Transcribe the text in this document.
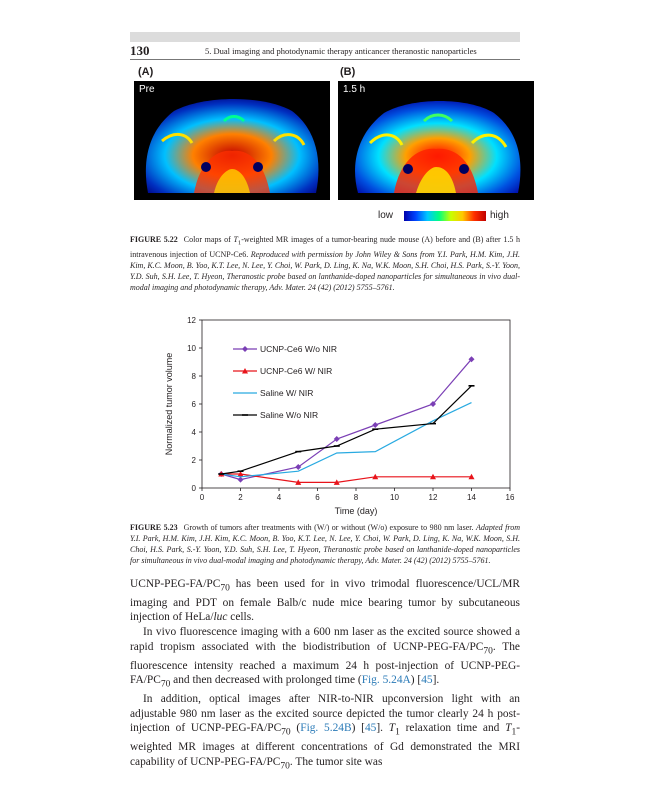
130	5. Dual imaging and photodynamic therapy anticancer theranostic nanoparticles
(A)	(B)
Pre	1.5 h
low	high
FIGURE 5.22 Color maps of $T_1$-weighted MR images of a tumor-bearing nude mouse (A) before and (B) after 1.5 h intravenous injection of UCNP-Ce6. Reproduced with permission by John Wiley & Sons from Y.I. Park, H.M. Kim, J.H. Kim, K.C. Moon, B. Yoo, K.T. Lee, N. Lee, Y. Choi, W. Park, D. Ling, K. Na, W.K. Moon, S.H. Choi, H.S. Park, S.-Y. Yoon, Y.D. Suh, S.H. Lee, T. Hyeon, Theranostic probe based on lanthanide-doped nanoparticles for simultaneous in vivo dual-modal imaging and photodynamic therapy, Adv. Mater. 24 (42) (2012) 5755–5761.
0	2	4	6	8	10	12	14	16
0
2
4
6
8
10
12
Time (day)
Normalized tumor volume
UCNP-Ce6 W/o NIR
UCNP-Ce6 W/ NIR
Saline W/ NIR
Saline W/o NIR
FIGURE 5.23 Growth of tumors after treatments with (W/) or without (W/o) exposure to 980 nm laser. Adapted from Y.I. Park, H.M. Kim, J.H. Kim, K.C. Moon, B. Yoo, K.T. Lee, N. Lee, Y. Choi, W. Park, D. Ling, K. Na, W.K. Moon, S.H. Choi, H.S. Park, S.-Y. Yoon, Y.D. Suh, S.H. Lee, T. Hyeon, Theranostic probe based on lanthanide-doped nanoparticles for simultaneous in vivo dual-modal imaging and photodynamic therapy, Adv. Mater. 24 (42) (2012) 5755–5761.

UCNP-$PEG-FA/PC_{70}$ has been used for in vivo trimodal fluorescence/UCL/MR imaging and PDT on female Balb/c nude mice bearing tumor by subcutaneous injection of HeLa/luc cells.

In vivo fluorescence imaging with a 600 nm laser as the excited source showed a rapid tropism associated with the biodistribution of UCNP-$PEG-FA/PC_{70}$. The fluorescence intensity reached a maximum 24 h post-injection of UCNP-$PEG-FA/PC_{70}$ and then decreased with prolonged time (Fig. 5.24A) [45].

In addition, optical images after NIR-to-NIR upconversion light with an adjustable 980 nm laser as the excited source depicted the tumor clearly 24 h post-injection of UCNP-$PEG-FA/PC_{70}$ (Fig. 5.24B) [45]. $T_1$ relaxation time and $T_1$-weighted MR images at different concentrations of Gd demonstrated the MRI capability of UCNP-$PEG-FA/PC_{70}$. The tumor site was
